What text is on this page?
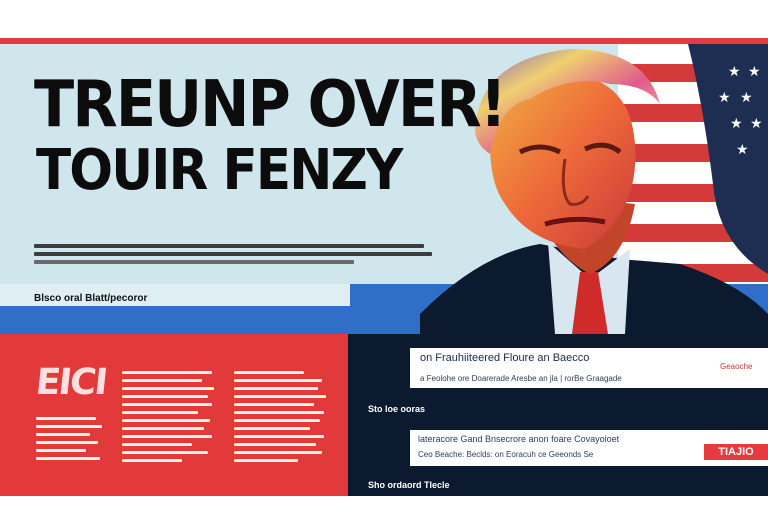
★ ★
★ ★
★ ★
★
TREUNP OVER!
TOUIR FENZY
Blsco oral Blatt/pecoror
EICI
on Frauhiiteered Floure an Baecco
a Feolohe ore Doarerade Aresbe an jla | rorBe Graagade
Geaoche
Sto loe ooras
lateracore Gand Bnsecrore anon foare Covayoioet
Ceo Beache: Beclds: on Eoracuh ce Geeonds Se	TIAJIO
Sho ordaord Tlecle
